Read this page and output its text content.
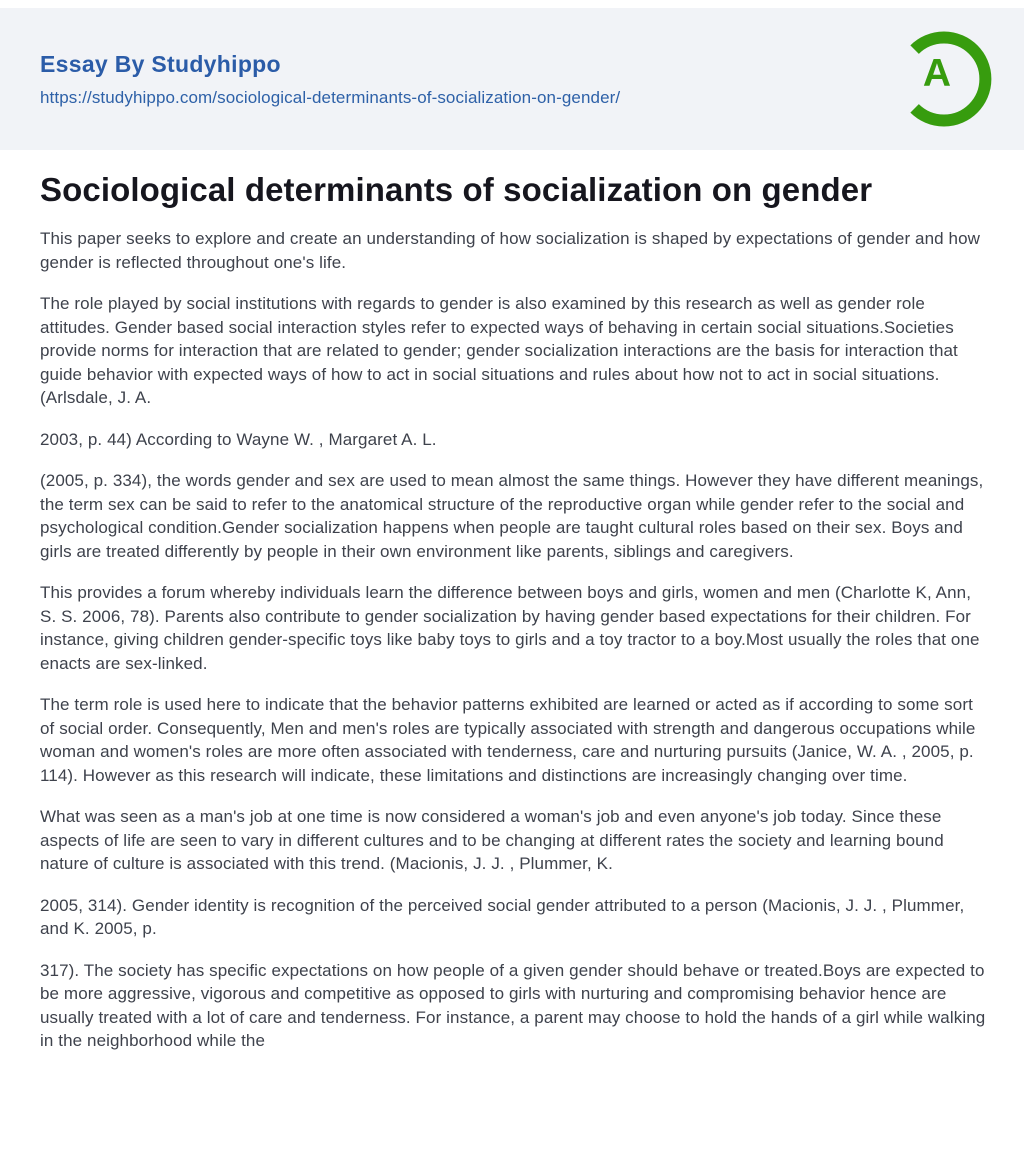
Essay By Studyhippo
https://studyhippo.com/sociological-determinants-of-socialization-on-gender/
A
Sociological determinants of socialization on gender

This paper seeks to explore and create an understanding of how socialization is shaped by expectations of gender and how gender is reflected throughout one's life.

The role played by social institutions with regards to gender is also examined by this research as well as gender role attitudes. Gender based social interaction styles refer to expected ways of behaving in certain social situations.Societies provide norms for interaction that are related to gender; gender socialization interactions are the basis for interaction that guide behavior with expected ways of how to act in social situations and rules about how not to act in social situations. (Arlsdale, J. A.

2003, p. 44) According to Wayne W. , Margaret A. L.

(2005, p. 334), the words gender and sex are used to mean almost the same things. However they have different meanings, the term sex can be said to refer to the anatomical structure of the reproductive organ while gender refer to the social and psychological condition.Gender socialization happens when people are taught cultural roles based on their sex. Boys and girls are treated differently by people in their own environment like parents, siblings and caregivers.

This provides a forum whereby individuals learn the difference between boys and girls, women and men (Charlotte K, Ann, S. S. 2006, 78). Parents also contribute to gender socialization by having gender based expectations for their children. For instance, giving children gender-specific toys like baby toys to girls and a toy tractor to a boy.Most usually the roles that one enacts are sex-linked.

The term role is used here to indicate that the behavior patterns exhibited are learned or acted as if according to some sort of social order. Consequently, Men and men's roles are typically associated with strength and dangerous occupations while woman and women's roles are more often associated with tenderness, care and nurturing pursuits (Janice, W. A. , 2005, p. 114). However as this research will indicate, these limitations and distinctions are increasingly changing over time.

What was seen as a man's job at one time is now considered a woman's job and even anyone's job today. Since these aspects of life are seen to vary in different cultures and to be changing at different rates the society and learning bound nature of culture is associated with this trend. (Macionis, J. J. , Plummer, K.

2005, 314). Gender identity is recognition of the perceived social gender attributed to a person (Macionis, J. J. , Plummer, and K. 2005, p.

317). The society has specific expectations on how people of a given gender should behave or treated.Boys are expected to be more aggressive, vigorous and competitive as opposed to girls with nurturing and compromising behavior hence are usually treated with a lot of care and tenderness. For instance, a parent may choose to hold the hands of a girl while walking in the neighborhood while the
